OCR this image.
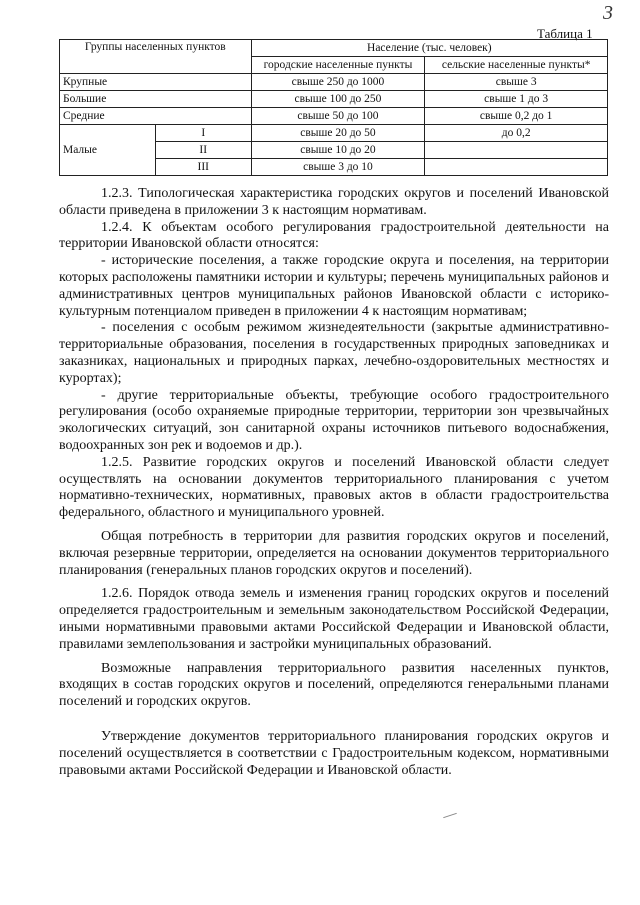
3
Таблица 1
Группы населенных пунктов		Население (тыс. человек)	
		городские населенные пункты	сельские населенные пункты*
Крупные		свыше 250 до 1000	свыше 3
Большие		свыше 100 до 250	свыше 1 до 3
Средние		свыше 50 до 100	свыше 0,2 до 1
Малые	I	свыше 20 до 50	до 0,2
	II	свыше 10 до 20	
	III	свыше 3 до 10	

1.2.3. Типологическая характеристика городских округов и поселений Ивановской области приведена в приложении 3 к настоящим нормативам.

1.2.4. К объектам особого регулирования градостроительной деятельности на территории Ивановской области относятся:

- исторические поселения, а также городские округа и поселения, на территории которых расположены памятники истории и культуры; перечень муниципальных районов и административных центров муниципальных районов Ивановской области с историко-культурным потенциалом приведен в приложении 4 к настоящим нормативам;

- поселения с особым режимом жизнедеятельности (закрытые административно-территориальные образования, поселения в государственных природных заповедниках и заказниках, национальных и природных парках, лечебно-оздоровительных местностях и курортах);

- другие территориальные объекты, требующие особого градостроительного регулирования (особо охраняемые природные территории, территории зон чрезвычайных экологических ситуаций, зон санитарной охраны источников питьевого водоснабжения, водоохранных зон рек и водоемов и др.).

1.2.5. Развитие городских округов и поселений Ивановской области следует осуществлять на основании документов территориального планирования с учетом нормативно-технических, нормативных, правовых актов в области градостроительства федерального, областного и муниципального уровней.

Общая потребность в территории для развития городских округов и поселений, включая резервные территории, определяется на основании документов территориального планирования (генеральных планов городских округов и поселений).

1.2.6. Порядок отвода земель и изменения границ городских округов и поселений определяется градостроительным и земельным законодательством Российской Федерации, иными нормативными правовыми актами Российской Федерации и Ивановской области, правилами землепользования и застройки муниципальных образований.

Возможные направления территориального развития населенных пунктов, входящих в состав городских округов и поселений, определяются генеральными планами поселений и городских округов.

Утверждение документов территориального планирования городских округов и поселений осуществляется в соответствии с Градостроительным кодексом, нормативными правовыми актами Российской Федерации и Ивановской области.
